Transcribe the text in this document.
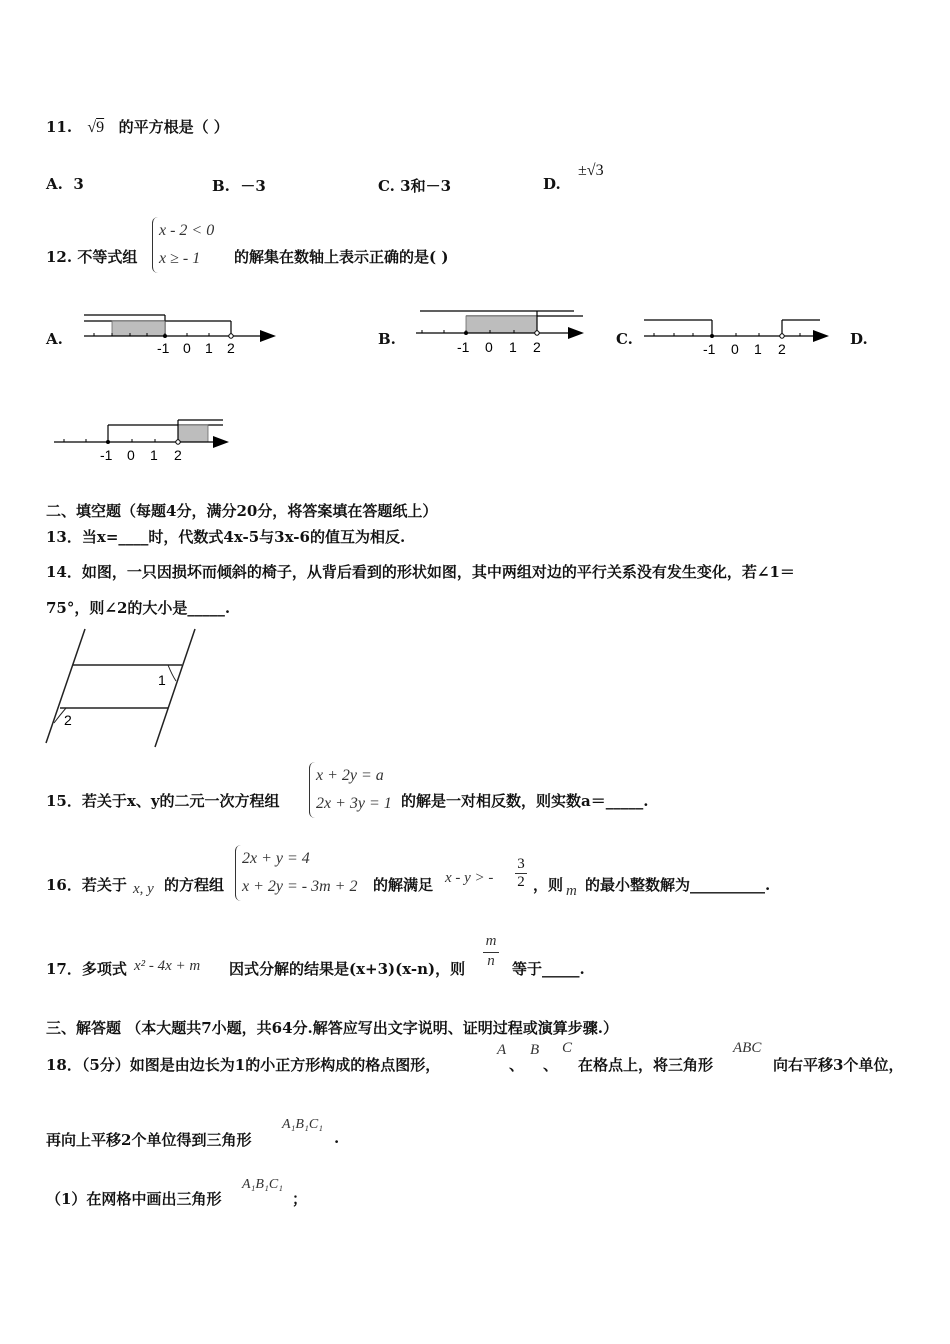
11. √9 的平方根是（ ）
A. 3	B. －3	C. 3和－3	D.
±√3
12. 不等式组
x - 2 < 0
x ≥ - 1	的解集在数轴上表示正确的是( )
A.	B.	C.	D.
-1 0 1 2	-1 0 1 2	-1 0 1 2
-1 0 1 2
二、填空题（每题4分，满分20分，将答案填在答题纸上）
13．当x=____时，代数式4x-5与3x-6的值互为相反.
14．如图，一只因损坏而倾斜的椅子，从背后看到的形状如图，其中两组对边的平行关系没有发生变化，若∠1＝
75°，则∠2的大小是_____.
1
2
15．若关于x、y的二元一次方程组
x + 2y = a
2x + 3y = 1 的解是一对相反数，则实数a＝_____.
16．若关于 x, y 的方程组
2x + y = 4
x + 2y = - 3m + 2 的解满足 x - y > -
3
2 ，则 m 的最小整数解为__________.
17．多项式 x² - 4x + m 因式分解的结果是(x+3)(x-n)，则
m
n 等于_____.
三、解答题 （本大题共7小题，共64分.解答应写出文字说明、证明过程或演算步骤.）
18．（5分）如图是由边长为1的小正方形构成的格点图形，
A
、
B
、
C
在格点上，将三角形
ABC
向右平移3个单位，
再向上平移2个单位得到三角形
A₁B₁C₁
.
（1）在网格中画出三角形
A₁B₁C₁
；
